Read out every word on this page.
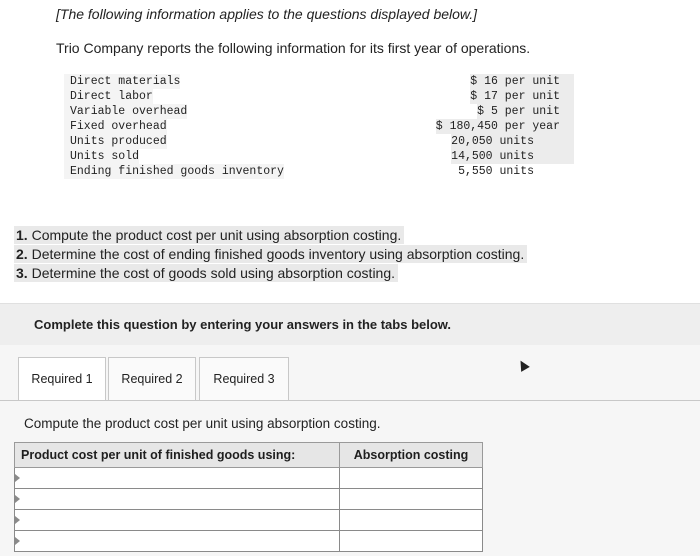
[The following information applies to the questions displayed below.]
Trio Company reports the following information for its first year of operations.
Direct materials	$ 16 per unit
Direct labor	$ 17 per unit
Variable overhead	$ 5 per unit
Fixed overhead	$ 180,450 per year
Units produced	20,050 units
Units sold	14,500 units
Ending finished goods inventory	5,550 units
1. Compute the product cost per unit using absorption costing.
2. Determine the cost of ending finished goods inventory using absorption costing.
3. Determine the cost of goods sold using absorption costing.
Complete this question by entering your answers in the tabs below.
Required 1	Required 2	Required 3
Compute the product cost per unit using absorption costing.
Product cost per unit of finished goods using:	Absorption costing
